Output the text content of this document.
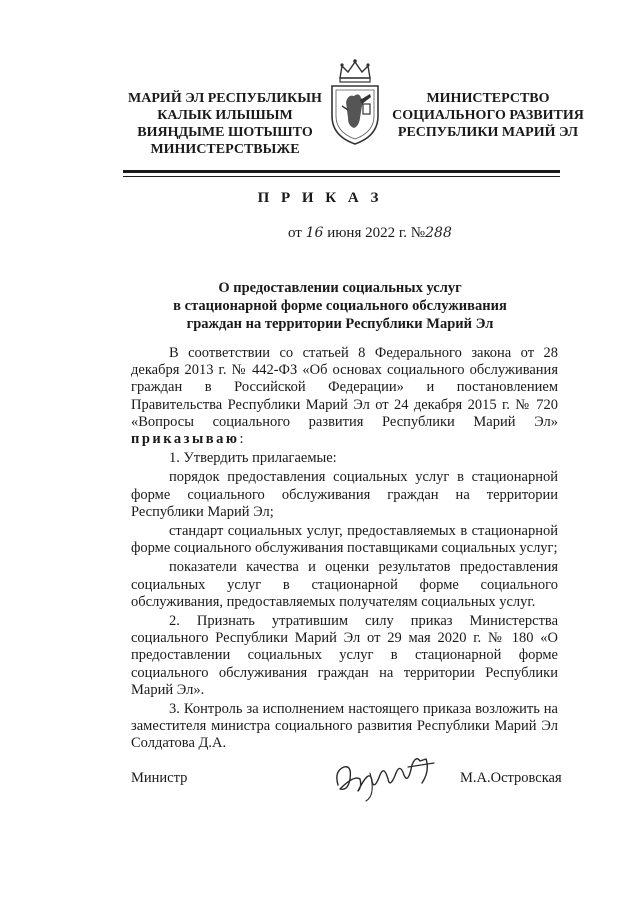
МАРИЙ ЭЛ РЕСПУБЛИКЫН
КАЛЫК ИЛЫШЫМ
ВИЯҢДЫМЕ ШОТЫШТО
МИНИСТЕРСТВЫЖЕ
МИНИСТЕРСТВО
СОЦИАЛЬНОГО РАЗВИТИЯ
РЕСПУБЛИКИ МАРИЙ ЭЛ
П Р И К А З
от 16 июня 2022 г. №288
О предоставлении социальных услуг
в стационарной форме социального обслуживания
граждан на территории Республики Марий Эл

В соответствии со статьей 8 Федерального закона от 28 декабря 2013 г. № 442-ФЗ «Об основах социального обслуживания граждан в Российской Федерации» и постановлением Правительства Республики Марий Эл от 24 декабря 2015 г. № 720 «Вопросы социального развития Республики Марий Эл» приказываю:

1. Утвердить прилагаемые:

порядок предоставления социальных услуг в стационарной форме социального обслуживания граждан на территории Республики Марий Эл;

стандарт социальных услуг, предоставляемых в стационарной форме социального обслуживания поставщиками социальных услуг;

показатели качества и оценки результатов предоставления социальных услуг в стационарной форме социального обслуживания, предоставляемых получателям социальных услуг.

2. Признать утратившим силу приказ Министерства социального Республики Марий Эл от 29 мая 2020 г. № 180 «О предоставлении социальных услуг в стационарной форме социального обслуживания граждан на территории Республики Марий Эл».

3. Контроль за исполнением настоящего приказа возложить на заместителя министра социального развития Республики Марий Эл Солдатова Д.А.

Министр	М.А.Островская
